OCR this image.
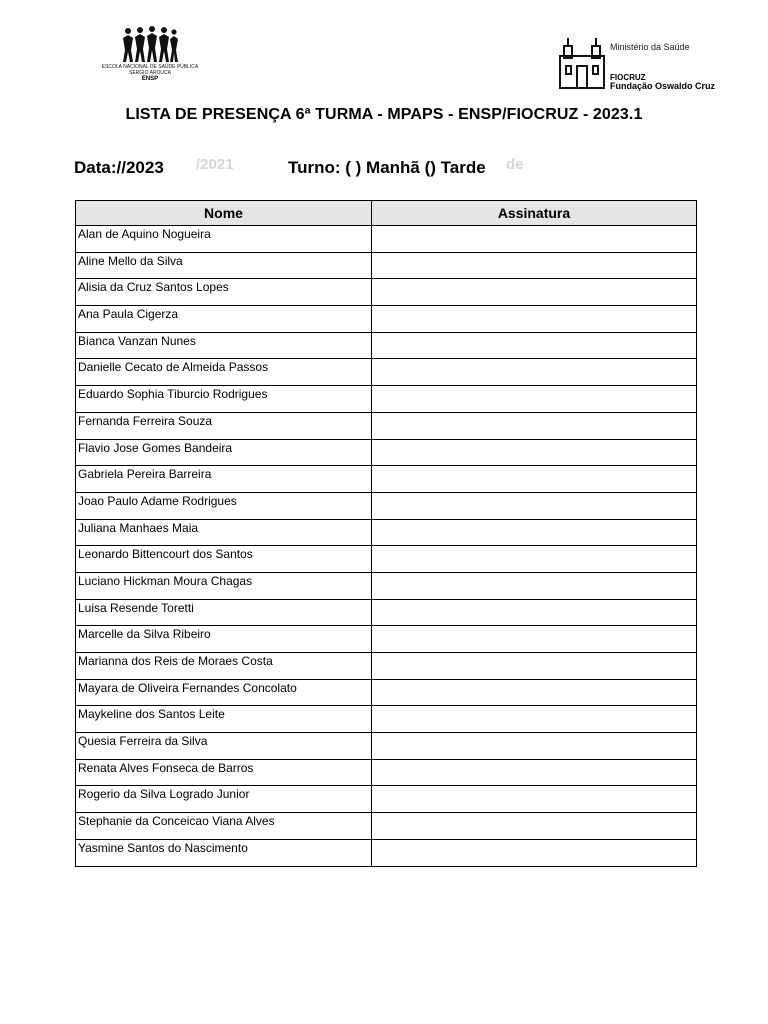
ESCOLA NACIONAL DE SAÚDE PÚBLICA
SERGIO AROUCA
ENSP
Ministério da Saúde
FIOCRUZ
Fundação Oswaldo Cruz
LISTA DE PRESENÇA 6ª TURMA - MPAPS - ENSP/FIOCRUZ - 2023.1
/2021	de
Data://2023	Turno: ( ) Manhã () Tarde
Nome	Assinatura
Alan de Aquino Nogueira	
Aline Mello da Silva	
Alisia da Cruz Santos Lopes	
Ana Paula Cigerza	
Bianca Vanzan Nunes	
Danielle Cecato de Almeida Passos	
Eduardo Sophia Tiburcio Rodrigues	
Fernanda Ferreira Souza	
Flavio Jose Gomes Bandeira	
Gabriela Pereira Barreira	
Joao Paulo Adame Rodrigues	
Juliana Manhaes Maia	
Leonardo Bittencourt dos Santos	
Luciano Hickman Moura Chagas	
Luisa Resende Toretti	
Marcelle da Silva Ribeiro	
Marianna dos Reis de Moraes Costa	
Mayara de Oliveira Fernandes Concolato	
Maykeline dos Santos Leite	
Quesia Ferreira da Silva	
Renata Alves Fonseca de Barros	
Rogerio da Silva Logrado Junior	
Stephanie da Conceicao Viana Alves	
Yasmine Santos do Nascimento	
